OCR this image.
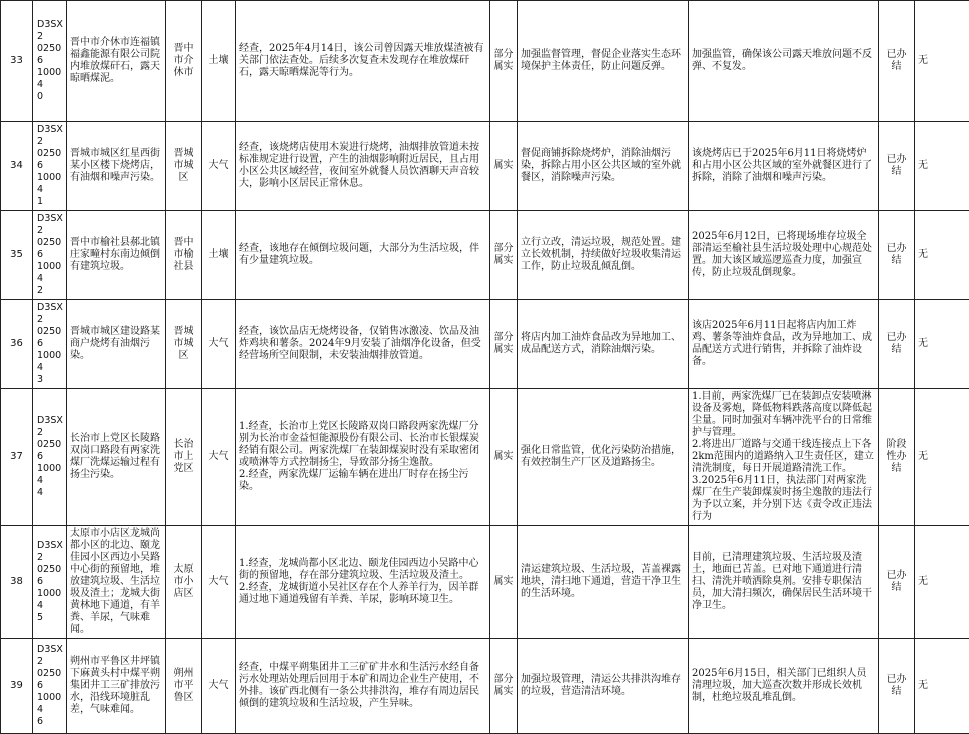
33	D3SX2
02506
10004
0	晋中市介休市连福镇福鑫能源有限公司院内堆放煤矸石，露天晾晒煤泥。	晋中市介休市	土壤	经查，2025年4月14日，该公司曾因露天堆放煤渣被有关部门依法查处。后续多次复查未发现存在堆放煤矸石，露天晾晒煤泥等行为。	部分属实	加强监督管理，督促企业落实生态环境保护主体责任，防止问题反弹。	加强监管，确保该公司露天堆放问题不反弹、不复发。	已办结	无
34	D3SX2
02506
10004
1	晋城市城区红星西街某小区楼下烧烤店，有油烟和噪声污染。	晋城市城区	大气	经查，该烧烤店使用木炭进行烧烤，油烟排放管道未按标准规定进行设置，产生的油烟影响附近居民，且占用小区公共区域经营，夜间室外就餐人员饮酒聊天声音较大，影响小区居民正常休息。	属实	督促商铺拆除烧烤炉，消除油烟污染，拆除占用小区公共区域的室外就餐区，消除噪声污染。	该烧烤店已于2025年6月11日将烧烤炉和占用小区公共区域的室外就餐区进行了拆除，消除了油烟和噪声污染。	已办结	无
35	D3SX2
02506
10004
2	晋中市榆社县郝北镇庄家疃村东南边倾倒有建筑垃圾。	晋中市榆社县	土壤	经查，该地存在倾倒垃圾问题，大部分为生活垃圾，伴有少量建筑垃圾。	部分属实	立行立改，清运垃圾，规范处置。建立长效机制，持续做好垃圾收集清运工作，防止垃圾乱倾乱倒。	2025年6月12日，已将现场堆存垃圾全部清运至榆社县生活垃圾处理中心规范处置。加大该区域巡逻巡查力度，加强宣传，防止垃圾乱倒现象。	已办结	无
36	D3SX2
02506
10004
3	晋城市城区建设路某商户烧烤有油烟污染。	晋城市城区	大气	经查，该饮品店无烧烤设备，仅销售冰激凌、饮品及油炸鸡块和薯条。2024年9月安装了油烟净化设备，但受经营场所空间限制，未安装油烟排放管道。	部分属实	将店内加工油炸食品改为异地加工、成品配送方式，消除油烟污染。	该店2025年6月11日起将店内加工炸鸡、薯条等油炸食品，改为异地加工、成品配送方式进行销售，并拆除了油炸设备。	已办结	无
37	D3SX2
02506
10004
4	长治市上党区长陵路双岗口路段有两家洗煤厂洗煤运输过程有扬尘污染。	长治市上党区	大气	1.经查，长治市上党区长陵路双岗口路段两家洗煤厂分别为长治市金益恒能源股份有限公司、长治市长银煤炭经销有限公司。两家洗煤厂在装卸煤炭时没有采取密闭或喷淋等方式控制扬尘，导致部分扬尘逸散。
2.经查，两家洗煤厂运输车辆在进出厂时存在扬尘污染。	属实	强化日常监管，优化污染防治措施，有效控制生产厂区及道路扬尘。	1.目前，两家洗煤厂已在装卸点安装喷淋设备及雾炮，降低物料跌落高度以降低起尘量。同时加强对车辆冲洗平台的日常维护与管理。
2.将进出厂道路与交通干线连接点上下各2km范围内的道路纳入卫生责任区，建立清洗制度，每日开展道路清洗工作。
3.2025年6月11日，执法部门对两家洗煤厂在生产装卸煤炭时扬尘逸散的违法行为予以立案，并分别下达《责令改正违法行为	阶段性办结	无
38	D3SX2
02506
10004
5	太原市小店区龙城尚都小区的北边、颐龙佳园小区西边小吴路中心街的预留地，堆放建筑垃圾、生活垃圾及渣土；龙城大街黄林地下通道，有羊粪、羊尿，气味难闻。	太原市小店区	大气	1.经查，龙城尚都小区北边、颐龙佳园西边小吴路中心街的预留地，存在部分建筑垃圾、生活垃圾及渣土。
2.经查，龙城街道小吴社区存在个人养羊行为，因羊群通过地下通道残留有羊粪、羊尿，影响环境卫生。	属实	清运建筑垃圾、生活垃圾，苫盖裸露地块，清扫地下通道，营造干净卫生的生活环境。	目前，已清理建筑垃圾、生活垃圾及渣土，地面已苫盖。已对地下通道进行清扫、清洗并喷洒除臭剂。安排专职保洁员，加大清扫频次，确保居民生活环境干净卫生。	已办结	无
39	D3SX2
02506
10004
6	朔州市平鲁区井坪镇下麻黄头村中煤平朔集团井工三矿排放污水，沿线环境脏乱差，气味难闻。	朔州市平鲁区	大气	经查，中煤平朔集团井工三矿矿井水和生活污水经自备污水处理站处理后回用于本矿和周边企业生产使用，不外排。该矿西北侧有一条公共排洪沟，堆存有周边居民倾倒的建筑垃圾和生活垃圾，产生异味。	部分属实	加强垃圾管理，清运公共排洪沟堆存的垃圾，营造清洁环境。	2025年6月15日，相关部门已组织人员清理垃圾，加大巡查次数并形成长效机制，杜绝垃圾乱堆乱倒。	已办结	无
